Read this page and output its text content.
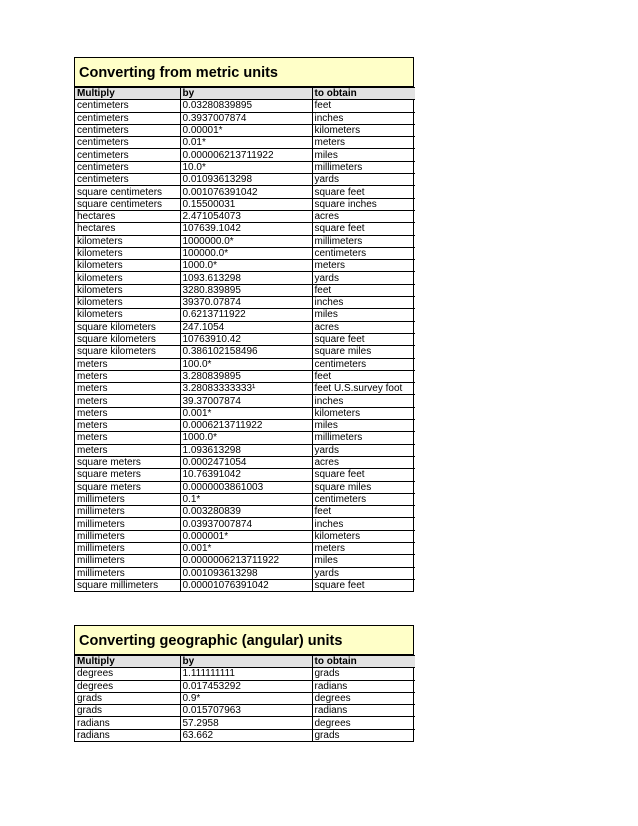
Converting from metric units
Multiply	by	to obtain
centimeters	0.03280839895	feet
centimeters	0.3937007874	inches
centimeters	0.00001*	kilometers
centimeters	0.01*	meters
centimeters	0.000006213711922	miles
centimeters	10.0*	millimeters
centimeters	0.01093613298	yards
square centimeters	0.001076391042	square feet
square centimeters	0.15500031	square inches
hectares	2.471054073	acres
hectares	107639.1042	square feet
kilometers	1000000.0*	millimeters
kilometers	100000.0*	centimeters
kilometers	1000.0*	meters
kilometers	1093.613298	yards
kilometers	3280.839895	feet
kilometers	39370.07874	inches
kilometers	0.6213711922	miles
square kilometers	247.1054	acres
square kilometers	10763910.42	square feet
square kilometers	0.386102158496	square miles
meters	100.0*	centimeters
meters	3.280839895	feet
meters	3.28083333333¹	feet U.S.survey foot
meters	39.37007874	inches
meters	0.001*	kilometers
meters	0.0006213711922	miles
meters	1000.0*	millimeters
meters	1.093613298	yards
square meters	0.0002471054	acres
square meters	10.76391042	square feet
square meters	0.0000003861003	square miles
millimeters	0.1*	centimeters
millimeters	0.003280839	feet
millimeters	0.03937007874	inches
millimeters	0.000001*	kilometers
millimeters	0.001*	meters
millimeters	0.0000006213711922	miles
millimeters	0.001093613298	yards
square millimeters	0.00001076391042	square feet
Converting geographic (angular) units
Multiply	by	to obtain
degrees	1.111111111	grads
degrees	0.017453292	radians
grads	0.9*	degrees
grads	0.015707963	radians
radians	57.2958	degrees
radians	63.662	grads
